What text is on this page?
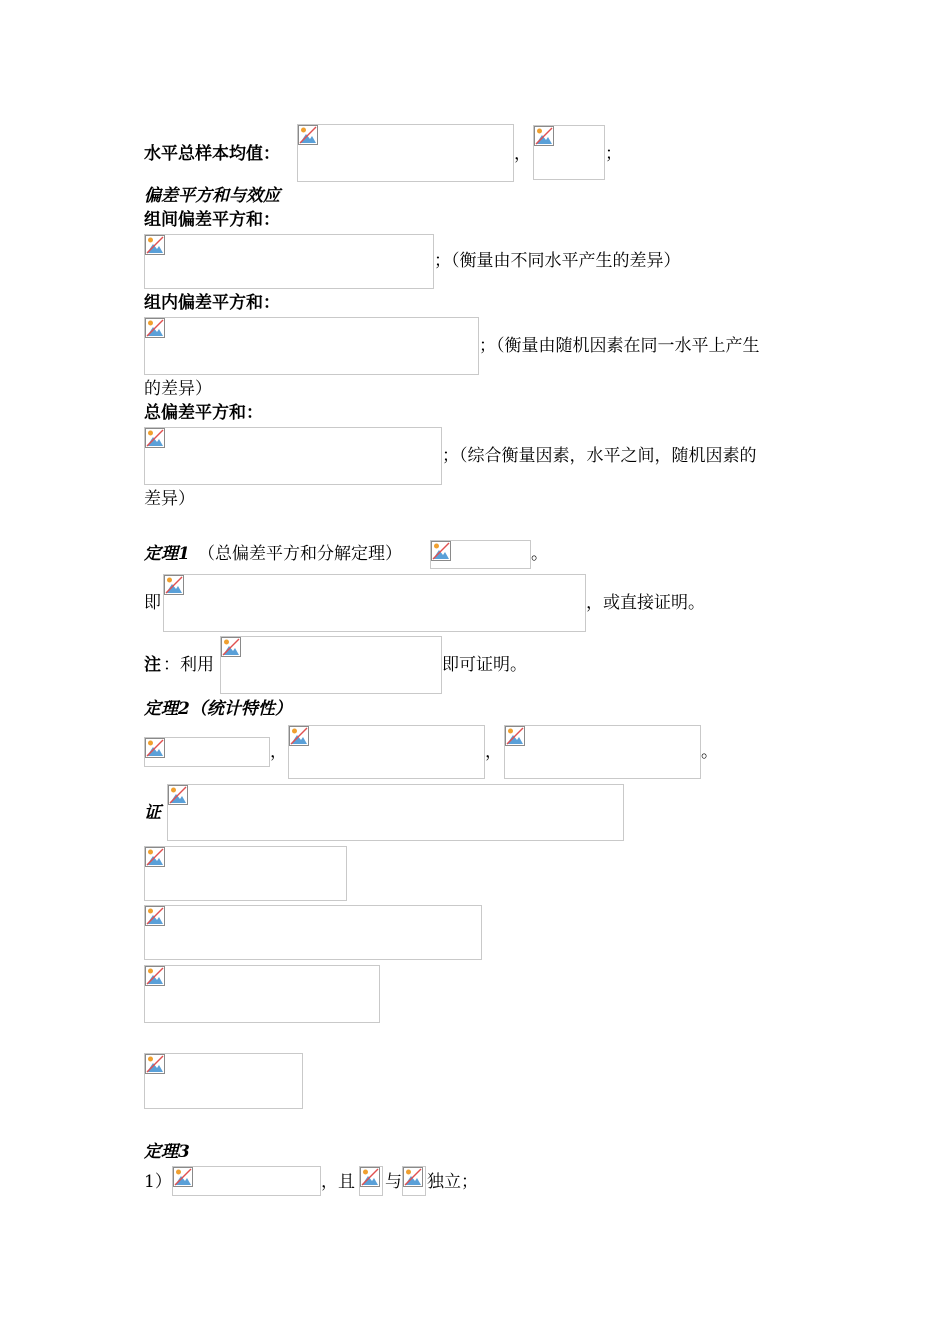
水平总样本均值：	，	；
偏差平方和与效应
组间偏差平方和：
；（衡量由不同水平产生的差异）
组内偏差平方和：
；（衡量由随机因素在同一水平上产生
的差异）
总偏差平方和：
；（综合衡量因素，水平之间，随机因素的
差异）
定理1 （总偏差平方和分解定理）	。
即	，或直接证明。
注 ：利用	即可证明。
定理2（统计特性）
，	，	。
证
定理3
1）	，且 与 独立；
